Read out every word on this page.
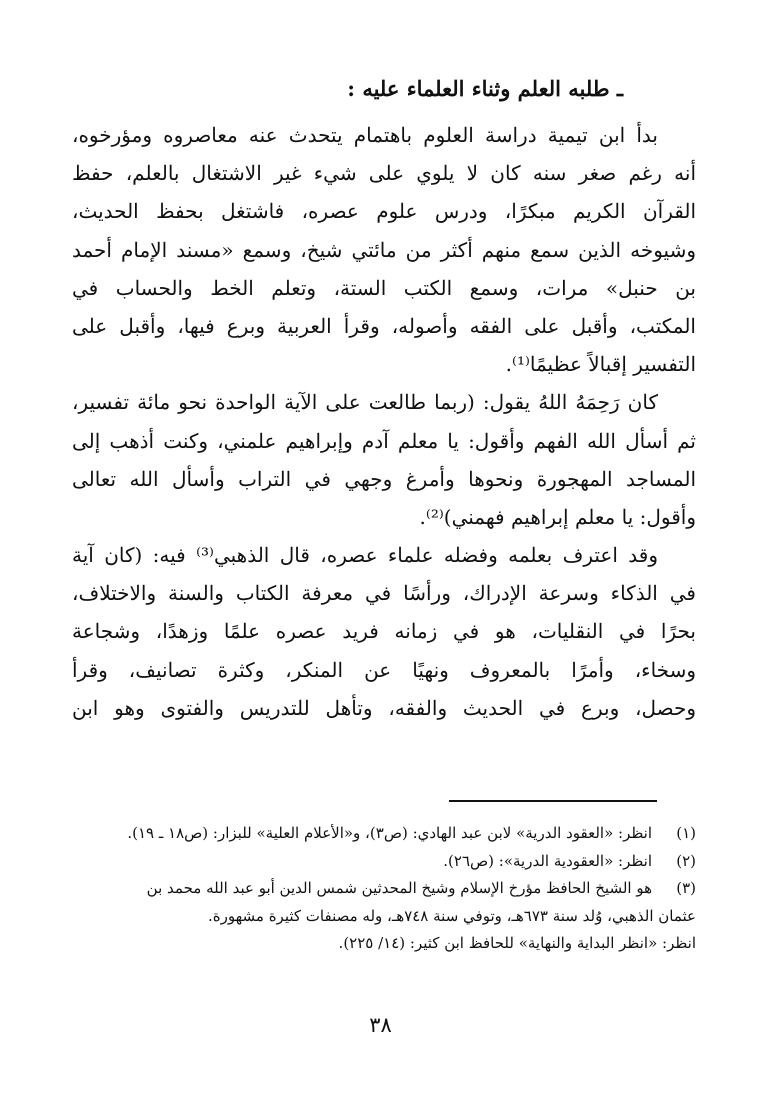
ـ طلبه العلم وثناء العلماء عليه :
بدأ ابن تيمية دراسة العلوم باهتمام يتحدث عنه معاصروه ومؤرخوه،
أنه رغم صغر سنه كان لا يلوي على شيء غير الاشتغال بالعلم، حفظ
القرآن الكريم مبكرًا، ودرس علوم عصره، فاشتغل بحفظ الحديث،
وشيوخه الذين سمع منهم أكثر من مائتي شيخ، وسمع «مسند الإمام أحمد
بن حنبل» مرات، وسمع الكتب الستة، وتعلم الخط والحساب في
المكتب، وأقبل على الفقه وأصوله، وقرأ العربية وبرع فيها، وأقبل على
التفسير إقبالاً عظيمًا⁽¹⁾.
كان رَحِمَهُ اللهُ يقول: (ربما طالعت على الآية الواحدة نحو مائة تفسير،
ثم أسأل الله الفهم وأقول: يا معلم آدم وإبراهيم علمني، وكنت أذهب إلى
المساجد المهجورة ونحوها وأمرغ وجهي في التراب وأسأل الله تعالى
وأقول: يا معلم إبراهيم فهمني)⁽²⁾.
وقد اعترف بعلمه وفضله علماء عصره، قال الذهبي⁽³⁾ فيه: (كان آية
في الذكاء وسرعة الإدراك، ورأسًا في معرفة الكتاب والسنة والاختلاف،
بحرًا في النقليات، هو في زمانه فريد عصره علمًا وزهدًا، وشجاعة
وسخاء، وأمرًا بالمعروف ونهيًا عن المنكر، وكثرة تصانيف، وقرأ
وحصل، وبرع في الحديث والفقه، وتأهل للتدريس والفتوى وهو ابن
(١)
انظر: «العقود الدرية» لابن عبد الهادي: (ص٣)، و«الأعلام العلية» للبزار: (ص١٨ ـ ١٩).
(٢)
انظر: «العقودية الدرية»: (ص٢٦).
(٣)
هو الشيخ الحافظ مؤرخ الإسلام وشيخ المحدثين شمس الدين أبو عبد الله محمد بن
عثمان الذهبي، وُلد سنة ٦٧٣هـ، وتوفي سنة ٧٤٨هـ، وله مصنفات كثيرة مشهورة.
انظر: «انظر البداية والنهاية» للحافظ ابن كثير: (١٤/ ٢٢٥).
٣٨
